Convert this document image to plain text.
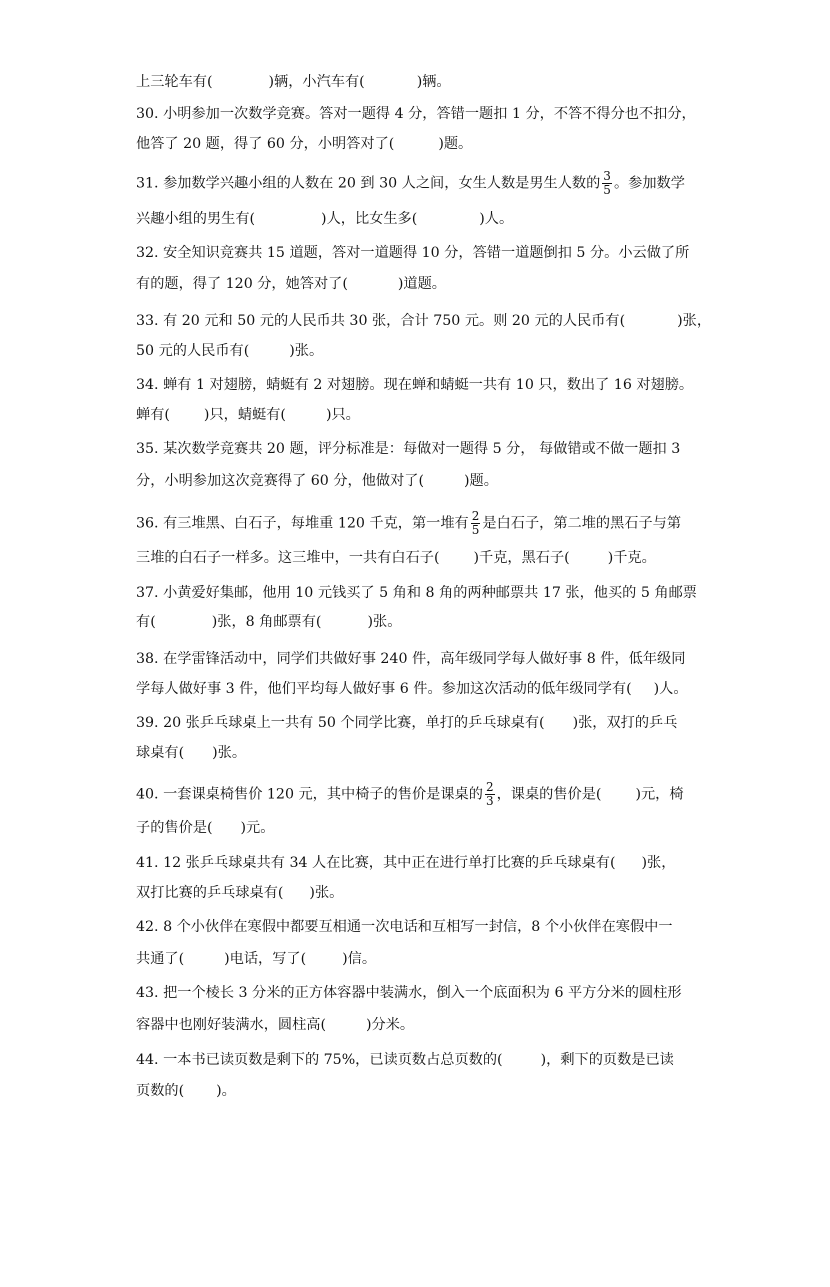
上三轮车有(	)辆，小汽车有(	)辆。
30. 小明参加一次数学竞赛。答对一题得 4 分，答错一题扣 1 分，不答不得分也不扣分，
他答了 20 题，得了 60 分，小明答对了(	)题。
31. 参加数学兴趣小组的人数在 20 到 30 人之间，女生人数是男生人数的 $\frac{3}{5}$ 。参加数学
兴趣小组的男生有(	)人，比女生多(	)人。
32. 安全知识竞赛共 15 道题，答对一道题得 10 分，答错一道题倒扣 5 分。小云做了所
有的题，得了 120 分，她答对了(	)道题。
33. 有 20 元和 50 元的人民币共 30 张，合计 750 元。则 20 元的人民币有(	)张，
50 元的人民币有(	)张。
34. 蝉有 1 对翅膀，蜻蜓有 2 对翅膀。现在蝉和蜻蜓一共有 10 只，数出了 16 对翅膀。
蝉有( )只，蜻蜓有(	)只。
35. 某次数学竞赛共 20 题，评分标准是：每做对一题得 5 分， 每做错或不做一题扣 3
分，小明参加这次竞赛得了 60 分，他做对了(	)题。
36. 有三堆黑、白石子，每堆重 120 千克，第一堆有 $\frac{2}{5}$ 是白石子，第二堆的黑石子与第
三堆的白石子一样多。这三堆中，一共有白石子( )千克，黑石子(	)千克。
37. 小黄爱好集邮，他用 10 元钱买了 5 角和 8 角的两种邮票共 17 张，他买的 5 角邮票
有(	)张，8 角邮票有(	)张。
38. 在学雷锋活动中，同学们共做好事 240 件，高年级同学每人做好事 8 件，低年级同
学每人做好事 3 件，他们平均每人做好事 6 件。参加这次活动的低年级同学有( )人。
39. 20 张乒乓球桌上一共有 50 个同学比赛，单打的乒乓球桌有( )张，双打的乒乓
球桌有( )张。
40. 一套课桌椅售价 120 元，其中椅子的售价是课桌的 $\frac{2}{3}$ ，课桌的售价是( )元，椅
子的售价是( )元。
41. 12 张乒乓球桌共有 34 人在比赛，其中正在进行单打比赛的乒乓球桌有( )张，
双打比赛的乒乓球桌有( )张。
42. 8 个小伙伴在寒假中都要互相通一次电话和互相写一封信，8 个小伙伴在寒假中一
共通了(	)电话，写了(	)信。
43. 把一个棱长 3 分米的正方体容器中装满水，倒入一个底面积为 6 平方分米的圆柱形
容器中也刚好装满水，圆柱高(	)分米。
44. 一本书已读页数是剩下的 75%，已读页数占总页数的(	)，剩下的页数是已读
页数的( )。
